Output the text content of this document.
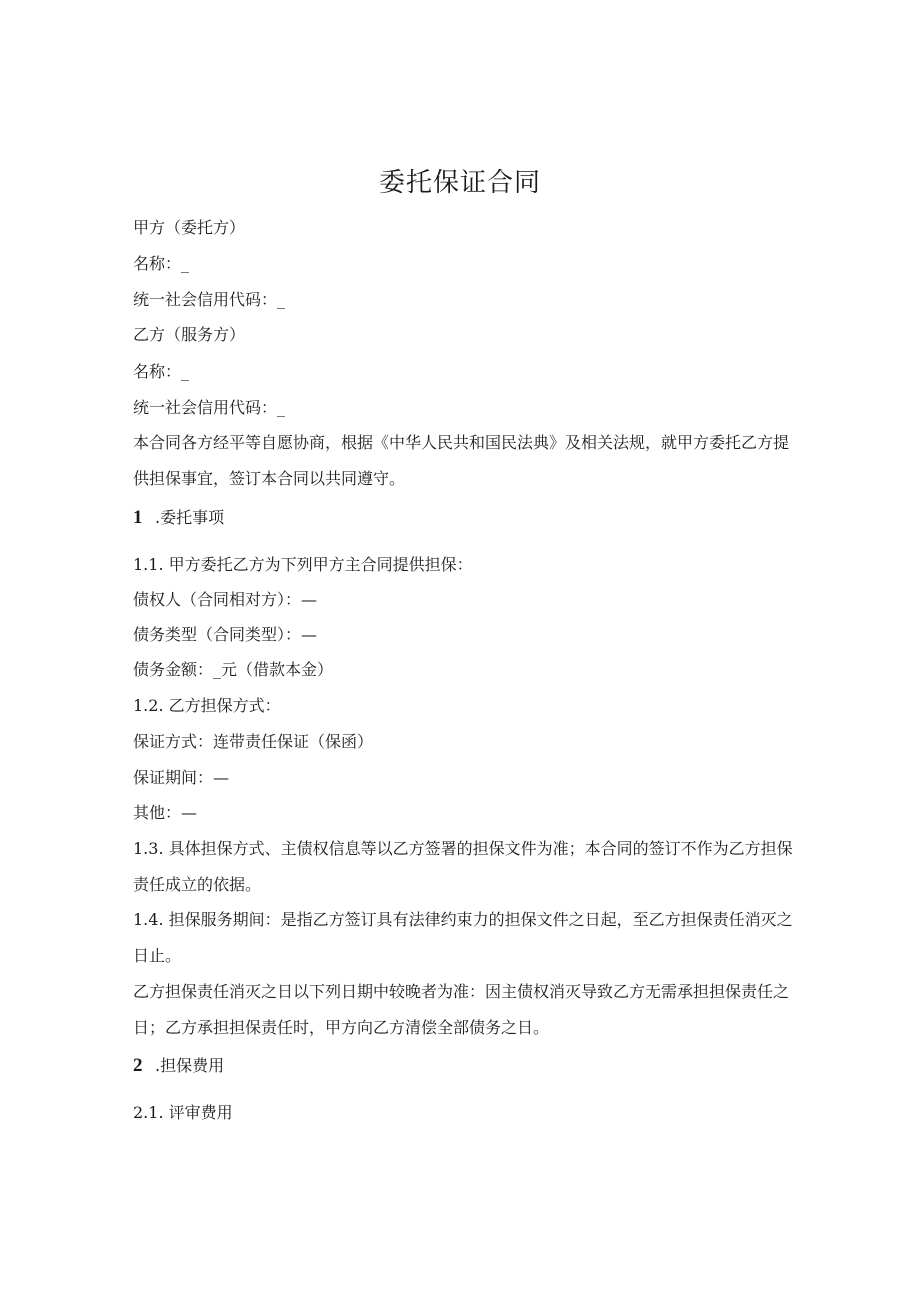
委托保证合同
甲方（委托方）
名称：_
统一社会信用代码：_
乙方（服务方）
名称：_
统一社会信用代码：_
本合同各方经平等自愿协商，根据《中华人民共和国民法典》及相关法规，就甲方委托乙方提供担保事宜，签订本合同以共同遵守。
1 .委托事项
1.1. 甲方委托乙方为下列甲方主合同提供担保：
债权人（合同相对方）：—
债务类型（合同类型）：—
债务金额：_元（借款本金）
1.2. 乙方担保方式：
保证方式：连带责任保证（保函）
保证期间：—
其他：—
1.3. 具体担保方式、主债权信息等以乙方签署的担保文件为准；本合同的签订不作为乙方担保责任成立的依据。
1.4. 担保服务期间：是指乙方签订具有法律约束力的担保文件之日起，至乙方担保责任消灭之日止。
乙方担保责任消灭之日以下列日期中较晚者为准：因主债权消灭导致乙方无需承担担保责任之日；乙方承担担保责任时，甲方向乙方清偿全部债务之日。
2 .担保费用
2.1. 评审费用
